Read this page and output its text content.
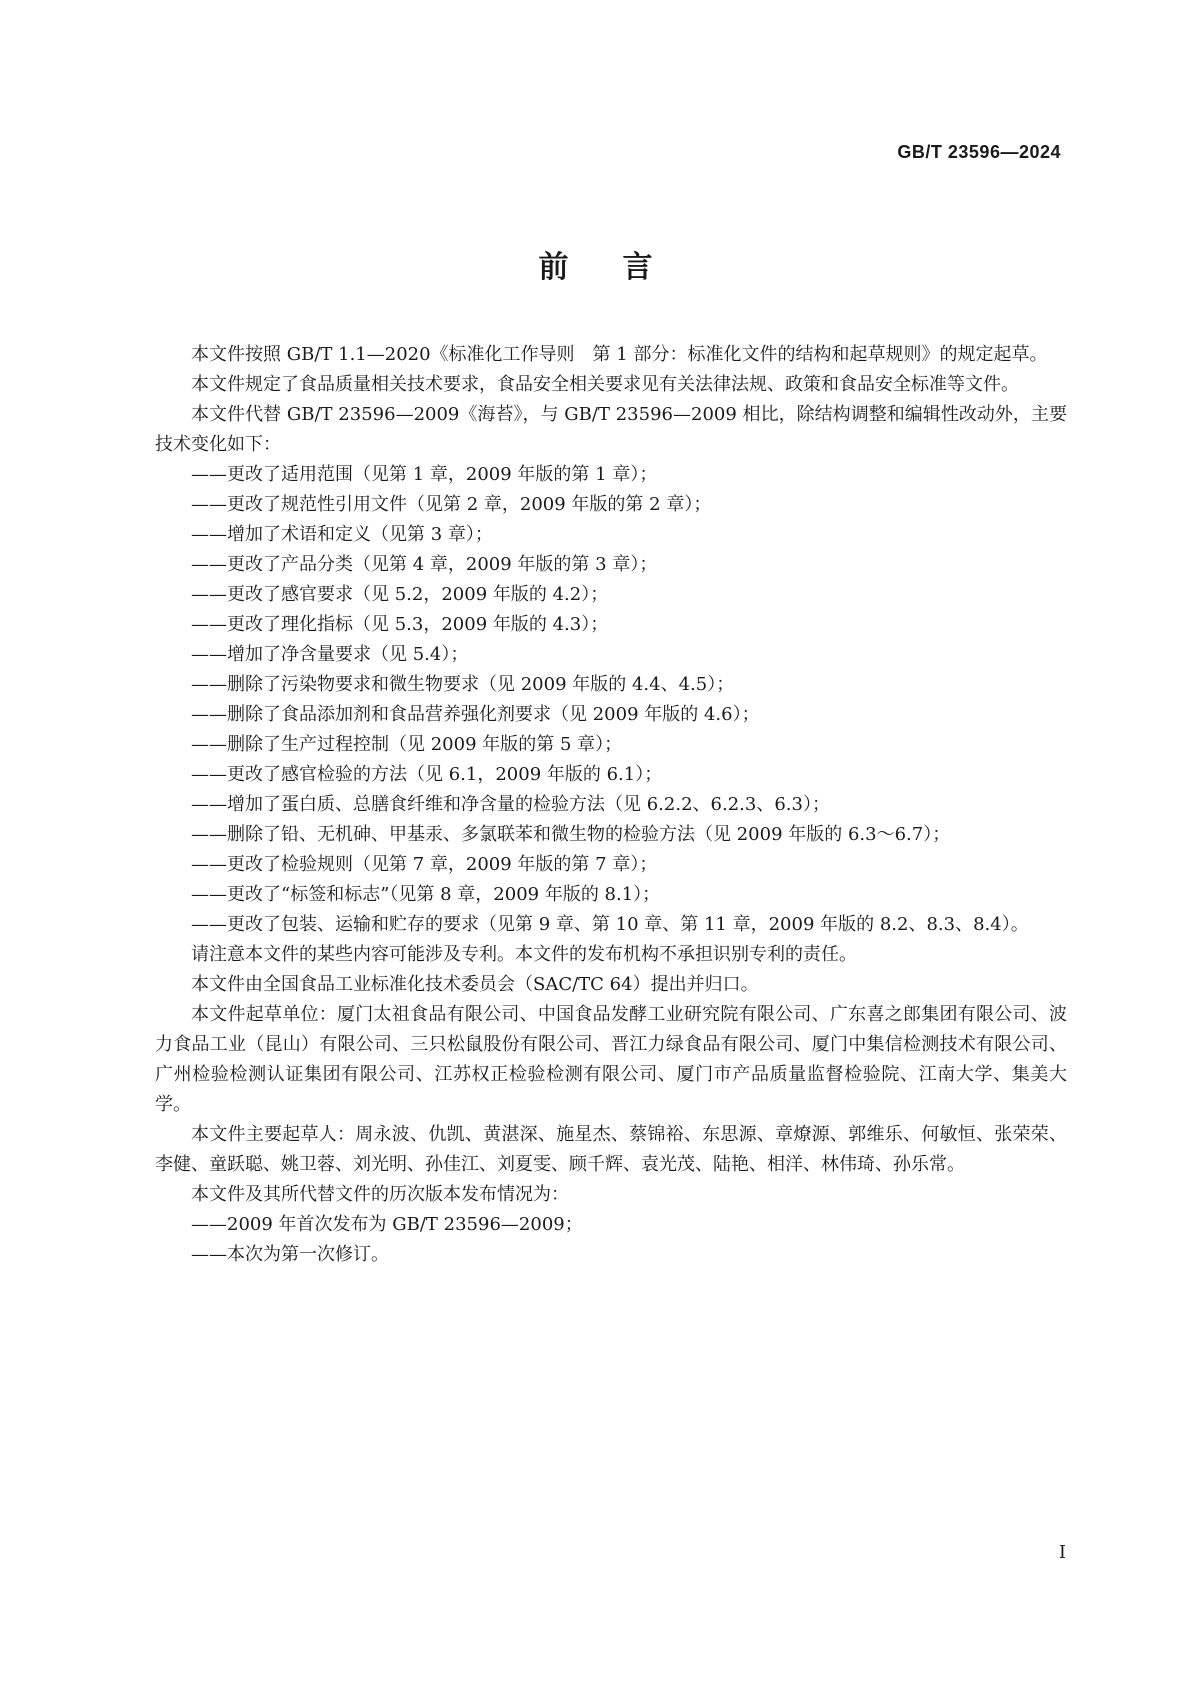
GB/T 23596—2024
前言

本文件按照 GB/T 1.1—2020《标准化工作导则　第 1 部分：标准化文件的结构和起草规则》的规定起草。

本文件规定了食品质量相关技术要求，食品安全相关要求见有关法律法规、政策和食品安全标准等文件。

本文件代替 GB/T 23596—2009《海苔》，与 GB/T 23596—2009 相比，除结构调整和编辑性改动外，主要技术变化如下：

——更改了适用范围（见第 1 章，2009 年版的第 1 章）；

——更改了规范性引用文件（见第 2 章，2009 年版的第 2 章）；

——增加了术语和定义（见第 3 章）；

——更改了产品分类（见第 4 章，2009 年版的第 3 章）；

——更改了感官要求（见 5.2，2009 年版的 4.2）；

——更改了理化指标（见 5.3，2009 年版的 4.3）；

——增加了净含量要求（见 5.4）；

——删除了污染物要求和微生物要求（见 2009 年版的 4.4、4.5）；

——删除了食品添加剂和食品营养强化剂要求（见 2009 年版的 4.6）；

——删除了生产过程控制（见 2009 年版的第 5 章）；

——更改了感官检验的方法（见 6.1，2009 年版的 6.1）；

——增加了蛋白质、总膳食纤维和净含量的检验方法（见 6.2.2、6.2.3、6.3）；

——删除了铅、无机砷、甲基汞、多氯联苯和微生物的检验方法（见 2009 年版的 6.3～6.7）；

——更改了检验规则（见第 7 章，2009 年版的第 7 章）；

——更改了“标签和标志”（见第 8 章，2009 年版的 8.1）；

——更改了包装、运输和贮存的要求（见第 9 章、第 10 章、第 11 章，2009 年版的 8.2、8.3、8.4）。

请注意本文件的某些内容可能涉及专利。本文件的发布机构不承担识别专利的责任。

本文件由全国食品工业标准化技术委员会（SAC/TC 64）提出并归口。

本文件起草单位：厦门太祖食品有限公司、中国食品发酵工业研究院有限公司、广东喜之郎集团有限公司、波力食品工业（昆山）有限公司、三只松鼠股份有限公司、晋江力绿食品有限公司、厦门中集信检测技术有限公司、广州检验检测认证集团有限公司、江苏权正检验检测有限公司、厦门市产品质量监督检验院、江南大学、集美大学。

本文件主要起草人：周永波、仇凯、黄湛深、施星杰、蔡锦裕、东思源、章燎源、郭维乐、何敏恒、张荣荣、李健、童跃聪、姚卫蓉、刘光明、孙佳江、刘夏雯、顾千辉、袁光茂、陆艳、相洋、林伟琦、孙乐常。

本文件及其所代替文件的历次版本发布情况为：

——2009 年首次发布为 GB/T 23596—2009；

——本次为第一次修订。

Ⅰ
